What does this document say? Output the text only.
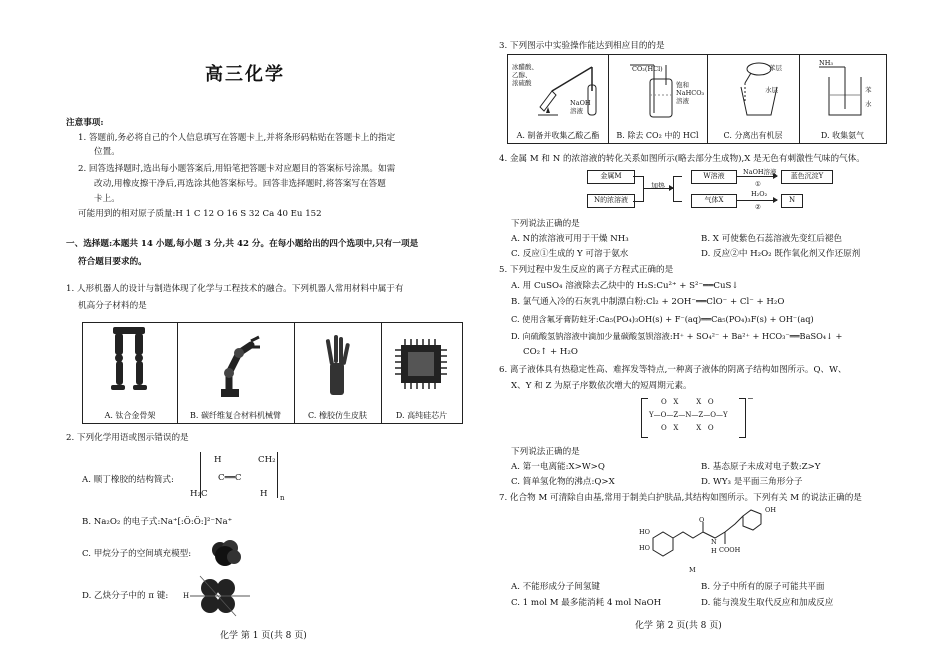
高三化学
注意事项:
1. 答题前,务必将自己的个人信息填写在答题卡上,并将条形码粘贴在答题卡上的指定
位置。
2. 回答选择题时,选出每小题答案后,用铅笔把答题卡对应题目的答案标号涂黑。如需
改动,用橡皮擦干净后,再选涂其他答案标号。回答非选择题时,将答案写在答题
卡上。
可能用到的相对原子质量:H 1 C 12 O 16 S 32 Ca 40 Eu 152
一、选择题:本题共 14 小题,每小题 3 分,共 42 分。在每小题给出的四个选项中,只有一项是
符合题目要求的。
1. 人形机器人的设计与制造体现了化学与工程技术的融合。下列机器人常用材料中属于有
机高分子材料的是
A. 钛合金骨架	B. 碳纤维复合材料机械臂	C. 橡胶仿生皮肤	D. 高纯硅芯片
2. 下列化学用语或图示错误的是
A. 顺丁橡胶的结构简式:
H	CH₂
C══C
H₂C	H n
B. Na₂O₂ 的电子式:Na⁺[:Ö:Ö:]²⁻Na⁺
C. 甲烷分子的空间填充模型:
D. 乙炔分子中的 π 键: H
化学 第 1 页(共 8 页)
3. 下列图示中实验操作能达到相应目的的是
冰醋酸、
乙醇、
浓硫酸
NaOH
溶液
A. 制备并收集乙酸乙酯
CO₂(HCl)
饱和
NaHCO₃
溶液
B. 除去 CO₂ 中的 HCl
苯层
水层
C. 分离出有机层
NH₃
苯
水
D. 收集氨气
4. 金属 M 和 N 的浓溶液的转化关系如图所示(略去部分生成物),X 是无色有刺激性气味的气体。
金属M
N的浓溶液
加热
W溶液
气体X
NaOH溶液
①
蓝色沉淀Y
H₂O₂
②
N
下列说法正确的是
A. N的浓溶液可用于干燥 NH₃	B. X 可使紫色石蕊溶液先变红后褪色
C. 反应①生成的 Y 可溶于氨水	D. 反应②中 H₂O₂ 既作氧化剂又作还原剂
5. 下列过程中发生反应的离子方程式正确的是
A. 用 CuSO₄ 溶液除去乙炔中的 H₂S:Cu²⁺ + S²⁻══CuS↓
B. 氯气通入冷的石灰乳中制漂白粉:Cl₂ + 2OH⁻══ClO⁻ + Cl⁻ + H₂O
C. 使用含氟牙膏防蛀牙:Ca₅(PO₄)₃OH(s) + F⁻(aq)══Ca₅(PO₄)₃F(s) + OH⁻(aq)
D. 向硫酸氢钠溶液中滴加少量碳酸氢钡溶液:H⁺ + SO₄²⁻ + Ba²⁺ + HCO₃⁻══BaSO₄↓ +
CO₂↑ + H₂O
6. 离子液体具有热稳定性高、难挥发等特点,一种离子液体的阴离子结构如图所示。Q、W、
X、Y 和 Z 为原子序数依次增大的短周期元素。
−
O   X        X   O
Y—O—Z—N—Z—O—Y
O   X        X   O
下列说法正确的是
A. 第一电离能:X>W>Q	B. 基态原子未成对电子数:Z>Y
C. 简单氢化物的沸点:Q>X	D. WY₃ 是平面三角形分子
7. 化合物 M 可清除自由基,常用于制美白护肤品,其结构如图所示。下列有关 M 的说法正确的是
HO
HO
O
N
H COOH
OH
M
A. 不能形成分子间氢键	B. 分子中所有的原子可能共平面
C. 1 mol M 最多能消耗 4 mol NaOH	D. 能与溴发生取代反应和加成反应
化学 第 2 页(共 8 页)
